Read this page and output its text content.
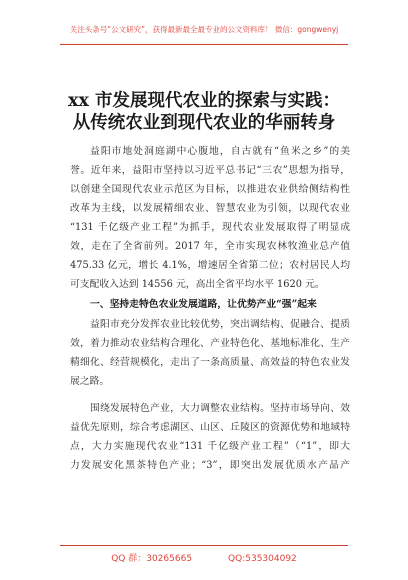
关注头条号“公文研究”，获得最新最全最专业的公文资料库！ 微信：gongwenyj
xx 市发展现代农业的探索与实践：
从传统农业到现代农业的华丽转身
益阳市地处洞庭湖中心腹地，自古就有“鱼米之乡”的美
誉。近年来，益阳市坚持以习近平总书记“三农”思想为指导，
以创建全国现代农业示范区为目标，以推进农业供给侧结构性
改革为主线，以发展精细农业、智慧农业为引领，以现代农业
“131 千亿级产业工程”为抓手，现代农业发展取得了明显成
效，走在了全省前列。2017 年，全市实现农林牧渔业总产值
475.33 亿元，增长 4.1%，增速居全省第二位；农村居民人均
可支配收入达到 14556 元，高出全省平均水平 1620 元。
一、坚持走特色农业发展道路，让优势产业“强”起来
益阳市充分发挥农业比较优势，突出调结构、促融合、提质
效，着力推动农业结构合理化、产业特色化、基地标准化、生产
精细化、经营规模化，走出了一条高质量、高效益的特色农业发
展之路。
围绕发展特色产业，大力调整农业结构。坚持市场导向、效
益优先原则，综合考虑湖区、山区、丘陵区的资源优势和地域特
点，大力实施现代农业“131 千亿级产业工程”（“1”，即大
力发展安化黑茶特色产业；“3”，即突出发展优质水产品产
QQ 群：30265665	QQ:535304092
